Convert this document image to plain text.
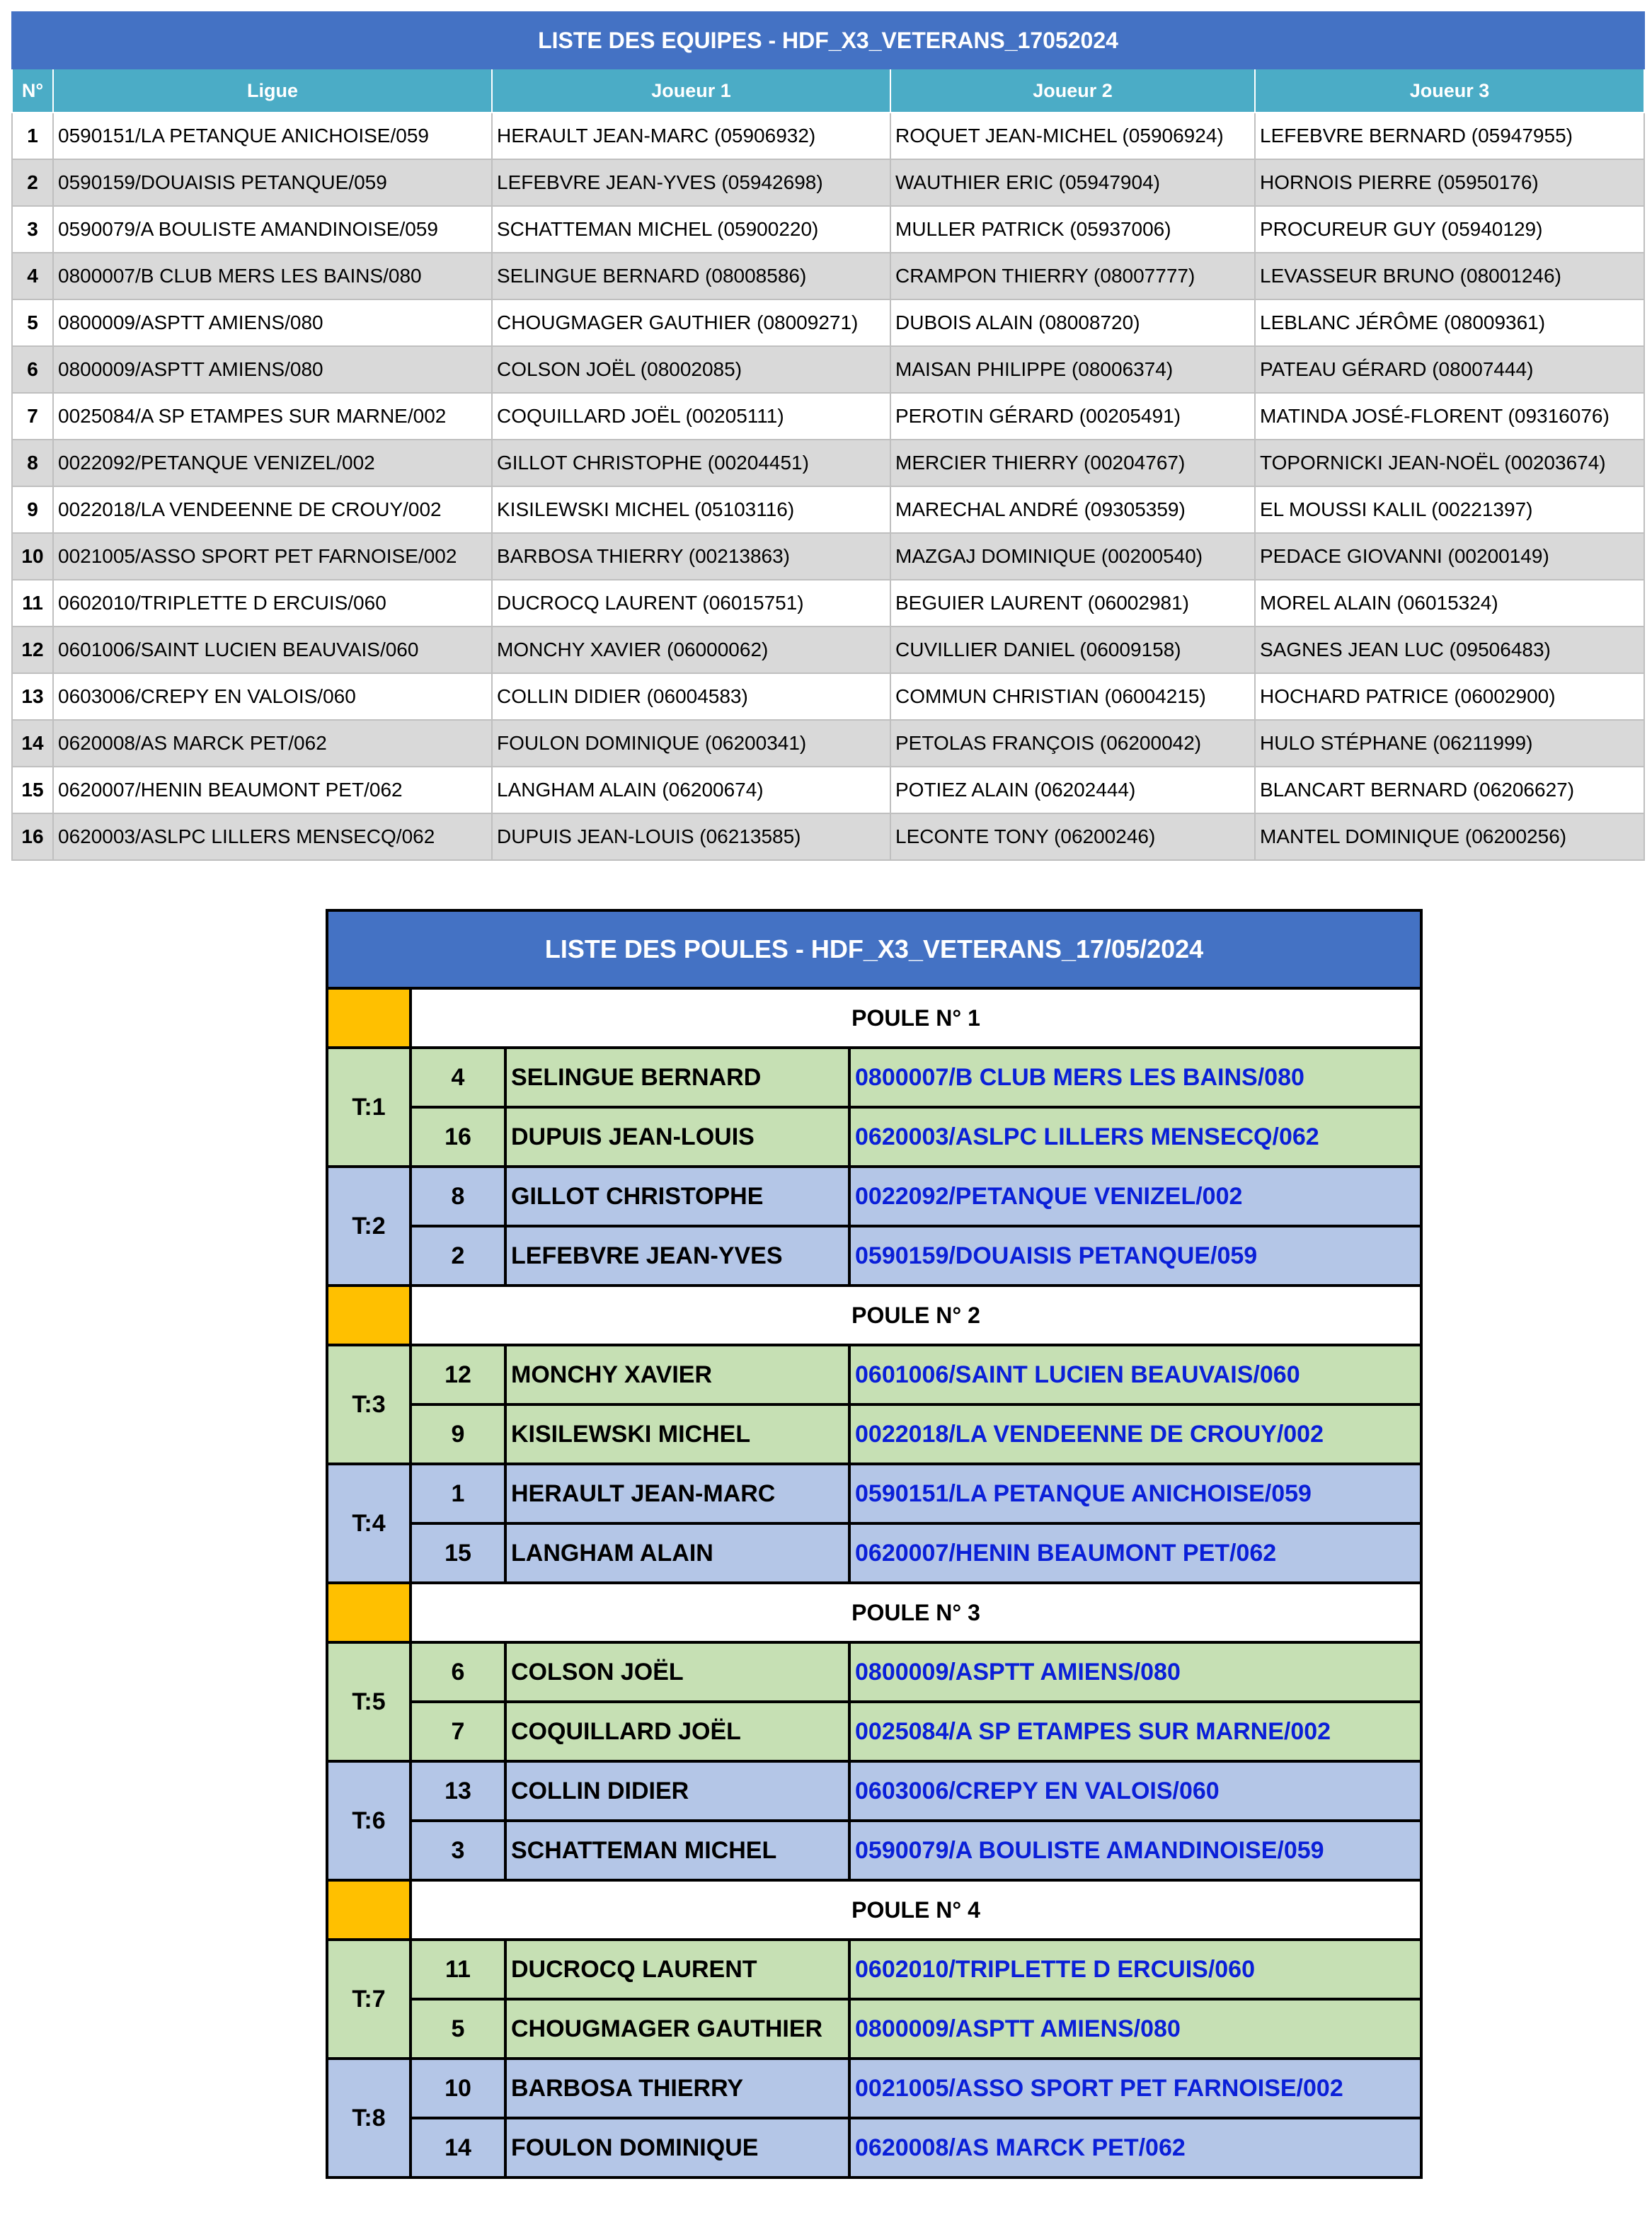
LISTE DES EQUIPES - HDF_X3_VETERANS_17052024				
N°	Ligue	Joueur 1	Joueur 2	Joueur 3
1	0590151/LA PETANQUE ANICHOISE/059	HERAULT JEAN-MARC (05906932)	ROQUET JEAN-MICHEL (05906924)	LEFEBVRE BERNARD (05947955)
2	0590159/DOUAISIS PETANQUE/059	LEFEBVRE JEAN-YVES (05942698)	WAUTHIER ERIC (05947904)	HORNOIS PIERRE (05950176)
3	0590079/A BOULISTE AMANDINOISE/059	SCHATTEMAN MICHEL (05900220)	MULLER PATRICK (05937006)	PROCUREUR GUY (05940129)
4	0800007/B CLUB MERS LES BAINS/080	SELINGUE BERNARD (08008586)	CRAMPON THIERRY (08007777)	LEVASSEUR BRUNO (08001246)
5	0800009/ASPTT AMIENS/080	CHOUGMAGER GAUTHIER (08009271)	DUBOIS ALAIN (08008720)	LEBLANC JÉRÔME (08009361)
6	0800009/ASPTT AMIENS/080	COLSON JOËL (08002085)	MAISAN PHILIPPE (08006374)	PATEAU GÉRARD (08007444)
7	0025084/A SP ETAMPES SUR MARNE/002	COQUILLARD JOËL (00205111)	PEROTIN GÉRARD (00205491)	MATINDA JOSÉ-FLORENT (09316076)
8	0022092/PETANQUE VENIZEL/002	GILLOT CHRISTOPHE (00204451)	MERCIER THIERRY (00204767)	TOPORNICKI JEAN-NOËL (00203674)
9	0022018/LA VENDEENNE DE CROUY/002	KISILEWSKI MICHEL (05103116)	MARECHAL ANDRÉ (09305359)	EL MOUSSI KALIL (00221397)
10	0021005/ASSO SPORT PET FARNOISE/002	BARBOSA THIERRY (00213863)	MAZGAJ DOMINIQUE (00200540)	PEDACE GIOVANNI (00200149)
11	0602010/TRIPLETTE D ERCUIS/060	DUCROCQ LAURENT (06015751)	BEGUIER LAURENT (06002981)	MOREL ALAIN (06015324)
12	0601006/SAINT LUCIEN BEAUVAIS/060	MONCHY XAVIER (06000062)	CUVILLIER DANIEL (06009158)	SAGNES JEAN LUC (09506483)
13	0603006/CREPY EN VALOIS/060	COLLIN DIDIER (06004583)	COMMUN CHRISTIAN (06004215)	HOCHARD PATRICE (06002900)
14	0620008/AS MARCK PET/062	FOULON DOMINIQUE (06200341)	PETOLAS FRANÇOIS (06200042)	HULO STÉPHANE (06211999)
15	0620007/HENIN BEAUMONT PET/062	LANGHAM ALAIN (06200674)	POTIEZ ALAIN (06202444)	BLANCART BERNARD (06206627)
16	0620003/ASLPC LILLERS MENSECQ/062	DUPUIS JEAN-LOUIS (06213585)	LECONTE TONY (06200246)	MANTEL DOMINIQUE (06200256)
LISTE DES POULES - HDF_X3_VETERANS_17/05/2024			
	POULE N° 1		
T:1	4	SELINGUE BERNARD	0800007/B CLUB MERS LES BAINS/080
	16	DUPUIS JEAN-LOUIS	0620003/ASLPC LILLERS MENSECQ/062
T:2	8	GILLOT CHRISTOPHE	0022092/PETANQUE VENIZEL/002
	2	LEFEBVRE JEAN-YVES	0590159/DOUAISIS PETANQUE/059
	POULE N° 2		
T:3	12	MONCHY XAVIER	0601006/SAINT LUCIEN BEAUVAIS/060
	9	KISILEWSKI MICHEL	0022018/LA VENDEENNE DE CROUY/002
T:4	1	HERAULT JEAN-MARC	0590151/LA PETANQUE ANICHOISE/059
	15	LANGHAM ALAIN	0620007/HENIN BEAUMONT PET/062
	POULE N° 3		
T:5	6	COLSON JOËL	0800009/ASPTT AMIENS/080
	7	COQUILLARD JOËL	0025084/A SP ETAMPES SUR MARNE/002
T:6	13	COLLIN DIDIER	0603006/CREPY EN VALOIS/060
	3	SCHATTEMAN MICHEL	0590079/A BOULISTE AMANDINOISE/059
	POULE N° 4		
T:7	11	DUCROCQ LAURENT	0602010/TRIPLETTE D ERCUIS/060
	5	CHOUGMAGER GAUTHIER	0800009/ASPTT AMIENS/080
T:8	10	BARBOSA THIERRY	0021005/ASSO SPORT PET FARNOISE/002
	14	FOULON DOMINIQUE	0620008/AS MARCK PET/062
